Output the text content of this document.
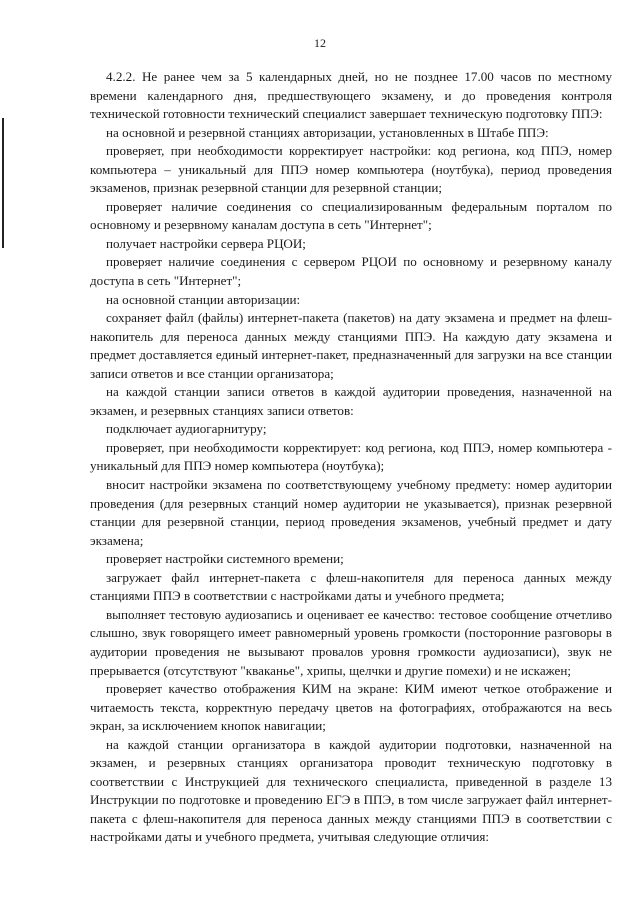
12

4.2.2. Не ранее чем за 5 календарных дней, но не позднее 17.00 часов по местному времени календарного дня, предшествующего экзамену, и до проведения контроля технической готовности технический специалист завершает техническую подготовку ППЭ:

на основной и резервной станциях авторизации, установленных в Штабе ППЭ:

проверяет, при необходимости корректирует настройки: код региона, код ППЭ, номер компьютера – уникальный для ППЭ номер компьютера (ноутбука), период проведения экзаменов, признак резервной станции для резервной станции;

проверяет наличие соединения со специализированным федеральным порталом по основному и резервному каналам доступа в сеть "Интернет";

получает настройки сервера РЦОИ;

проверяет наличие соединения с сервером РЦОИ по основному и резервному каналу доступа в сеть "Интернет";

на основной станции авторизации:

сохраняет файл (файлы) интернет-пакета (пакетов) на дату экзамена и предмет на флеш-накопитель для переноса данных между станциями ППЭ. На каждую дату экзамена и предмет доставляется единый интернет-пакет, предназначенный для загрузки на все станции записи ответов и все станции организатора;

на каждой станции записи ответов в каждой аудитории проведения, назначенной на экзамен, и резервных станциях записи ответов:

подключает аудиогарнитуру;

проверяет, при необходимости корректирует: код региона, код ППЭ, номер компьютера - уникальный для ППЭ номер компьютера (ноутбука);

вносит настройки экзамена по соответствующему учебному предмету: номер аудитории проведения (для резервных станций номер аудитории не указывается), признак резервной станции для резервной станции, период проведения экзаменов, учебный предмет и дату экзамена;

проверяет настройки системного времени;

загружает файл интернет-пакета с флеш-накопителя для переноса данных между станциями ППЭ в соответствии с настройками даты и учебного предмета;

выполняет тестовую аудиозапись и оценивает ее качество: тестовое сообщение отчетливо слышно, звук говорящего имеет равномерный уровень громкости (посторонние разговоры в аудитории проведения не вызывают провалов уровня громкости аудиозаписи), звук не прерывается (отсутствуют "кваканье", хрипы, щелчки и другие помехи) и не искажен;

проверяет качество отображения КИМ на экране: КИМ имеют четкое отображение и читаемость текста, корректную передачу цветов на фотографиях, отображаются на весь экран, за исключением кнопок навигации;

на каждой станции организатора в каждой аудитории подготовки, назначенной на экзамен, и резервных станциях организатора проводит техническую подготовку в соответствии с Инструкцией для технического специалиста, приведенной в разделе 13 Инструкции по подготовке и проведению ЕГЭ в ППЭ, в том числе загружает файл интернет-пакета с флеш-накопителя для переноса данных между станциями ППЭ в соответствии с настройками даты и учебного предмета, учитывая следующие отличия:
